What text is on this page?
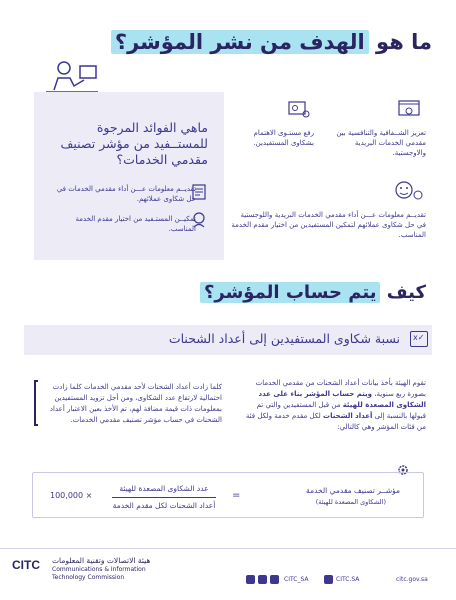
ما هو الهدف من نشر المؤشر؟
ماهي الفوائد المرجوة للمستــفيد من مؤشر تصنيف مقدمي الخدمات؟
تقديــم معلومات عـــن أداء مقدمي الخدمات في حل شكاوى عملائهم.
تمكيــن المستـفيد من اختيار مقدم الخدمة المناسب.
تعزيز الشــفافية والتنافسية بين مقدمي الخدمات البريدية والاوجستية.
رفع مستـوى الاهتمام بشكاوى المستفيدين.
تقديــم معلومات عـــن أداء مقدمي الخدمات البريدية واللوجستية في حل شكاوى عملائهم لتمكين المستفيدين من اختيار مقدم الخدمة المناسب.
كيف يتم حساب المؤشر؟
x✓
نسبة شكاوى المستفيدين إلى أعداد الشحنات
تقوم الهيئة بأخذ بيانات أعداد الشحنات من مقدمي الخدمات بصورة ربع سنوية، ويتم حساب المؤشر بناء على عدد الشكاوى المصعدة للهيئة من قبل المستفيدين والتي تم قبولها بالنسبة إلى أعداد الشحنات لكل مقدم خدمة ولكل فئة من فئات المؤشر وهي كالتالي:
كلما زادت أعداد الشحنات لأحد مقدمي الخدمات كلما زادت احتمالية لارتفاع عدد الشكاوى، ومن أجل تزويد المستفيدين بمعلومات ذات قيمة مضافة لهم، تم الأخذ بعين الاعتبار أعداد الشحنات في حساب مؤشر تصنيف مقدمي الخدمات.
مؤشــر تصنيف مقدمي الخدمة
(الشكاوى المصعدة للهيئة)
=
عدد الشكاوى المصعدة للهيئة
أعداد الشحنات لكل مقدم الخدمة
100,000 ×
CITC هيئة الاتصالات وتقنية المعلومات
Communications & Information
Technology Commission	CITC_SA	CITC.SA	citc.gov.sa
